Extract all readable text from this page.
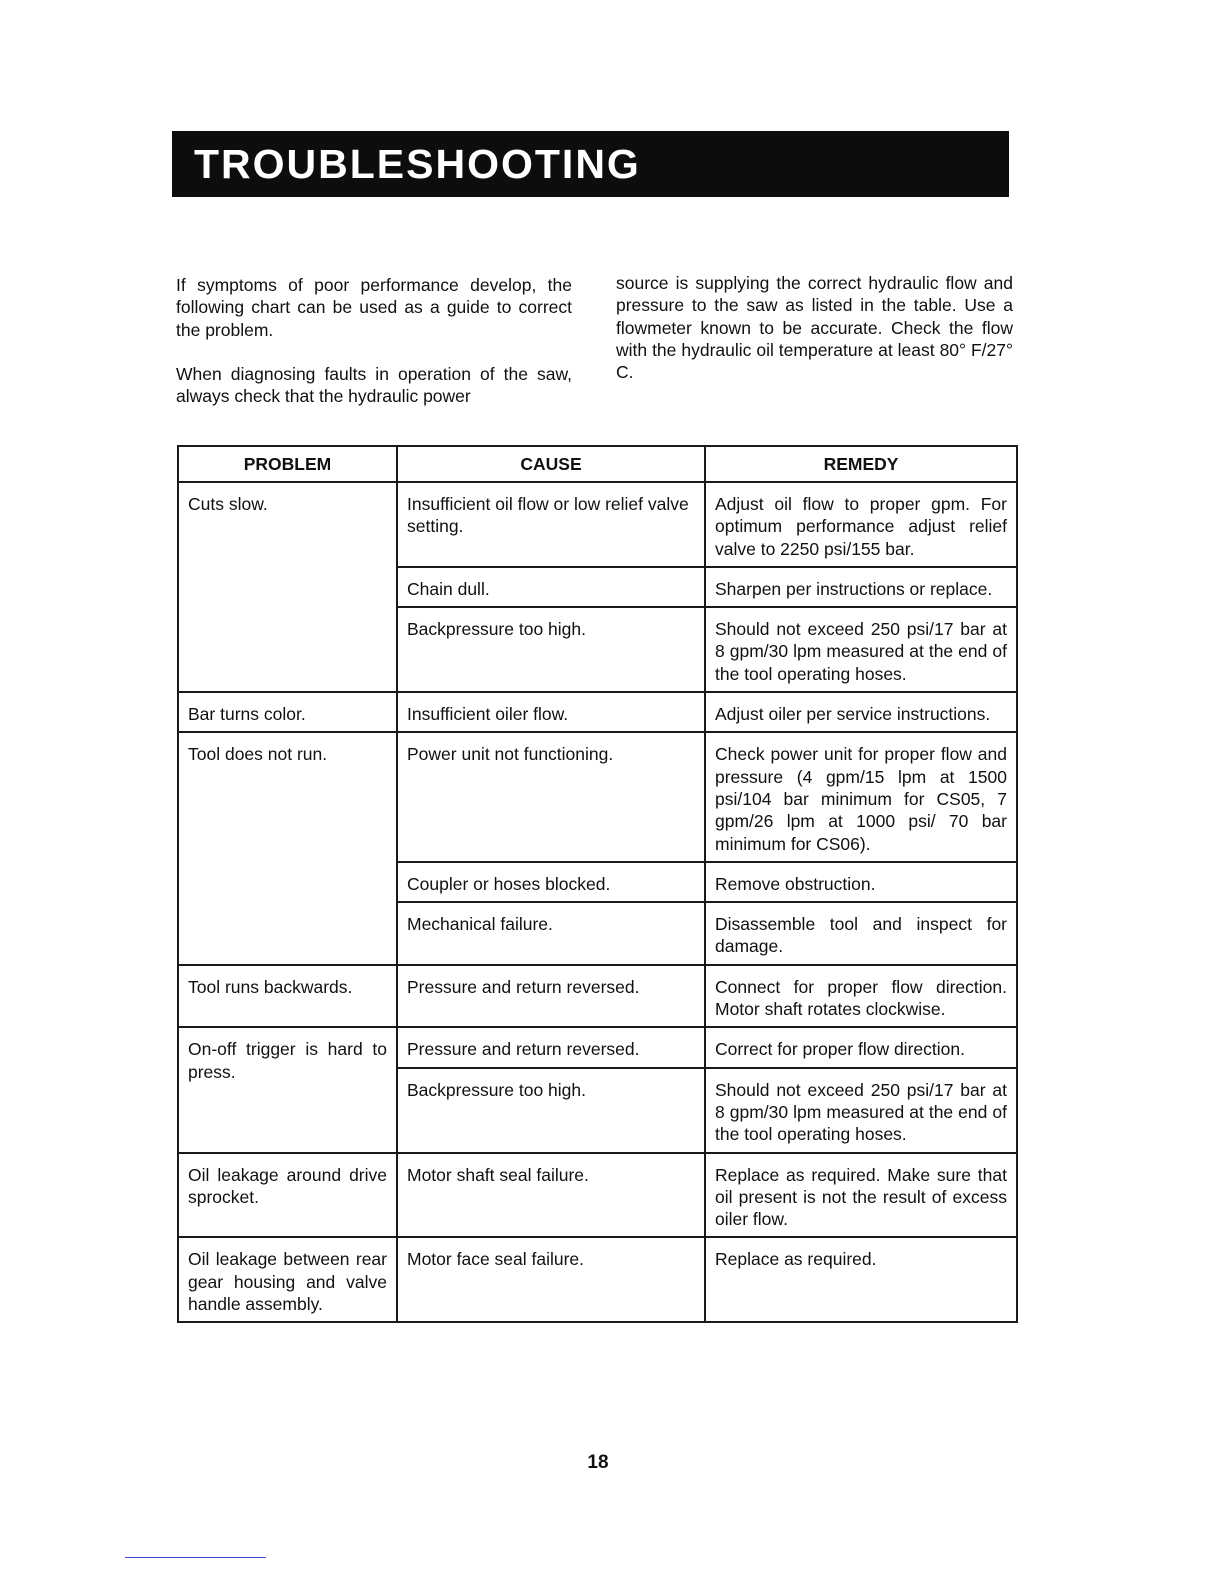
TROUBLESHOOTING

If symptoms of poor performance develop, the following chart can be used as a guide to correct the problem.

When diagnosing faults in operation of the saw, always check that the hydraulic power

source is supplying the correct hydraulic flow and pressure to the saw as listed in the table. Use a flowmeter known to be accurate. Check the flow with the hydraulic oil temperature at least 80° F/27° C.

PROBLEM	CAUSE	REMEDY
Cuts slow.	Insufficient oil flow or low relief valve setting.	Adjust oil flow to proper gpm. For optimum performance adjust relief valve to 2250 psi/155 bar.
	Chain dull.	Sharpen per instructions or replace.
	Backpressure too high.	Should not exceed 250 psi/17 bar at 8 gpm/30 lpm measured at the end of the tool operating hoses.
Bar turns color.	Insufficient oiler flow.	Adjust oiler per service instructions.
Tool does not run.	Power unit not functioning.	Check power unit for proper flow and pressure (4 gpm/15 lpm at 1500 psi/104 bar minimum for CS05, 7 gpm/26 lpm at 1000 psi/ 70 bar minimum for CS06).
	Coupler or hoses blocked.	Remove obstruction.
	Mechanical failure.	Disassemble tool and inspect for damage.
Tool runs backwards.	Pressure and return reversed.	Connect for proper flow direction. Motor shaft rotates clockwise.
On-off trigger is hard to press.	Pressure and return reversed.	Correct for proper flow direction.
	Backpressure too high.	Should not exceed 250 psi/17 bar at 8 gpm/30 lpm measured at the end of the tool operating hoses.
Oil leakage around drive sprocket.	Motor shaft seal failure.	Replace as required. Make sure that oil present is not the result of excess oiler flow.
Oil leakage between rear gear housing and valve handle assembly.	Motor face seal failure.	Replace as required.
18
